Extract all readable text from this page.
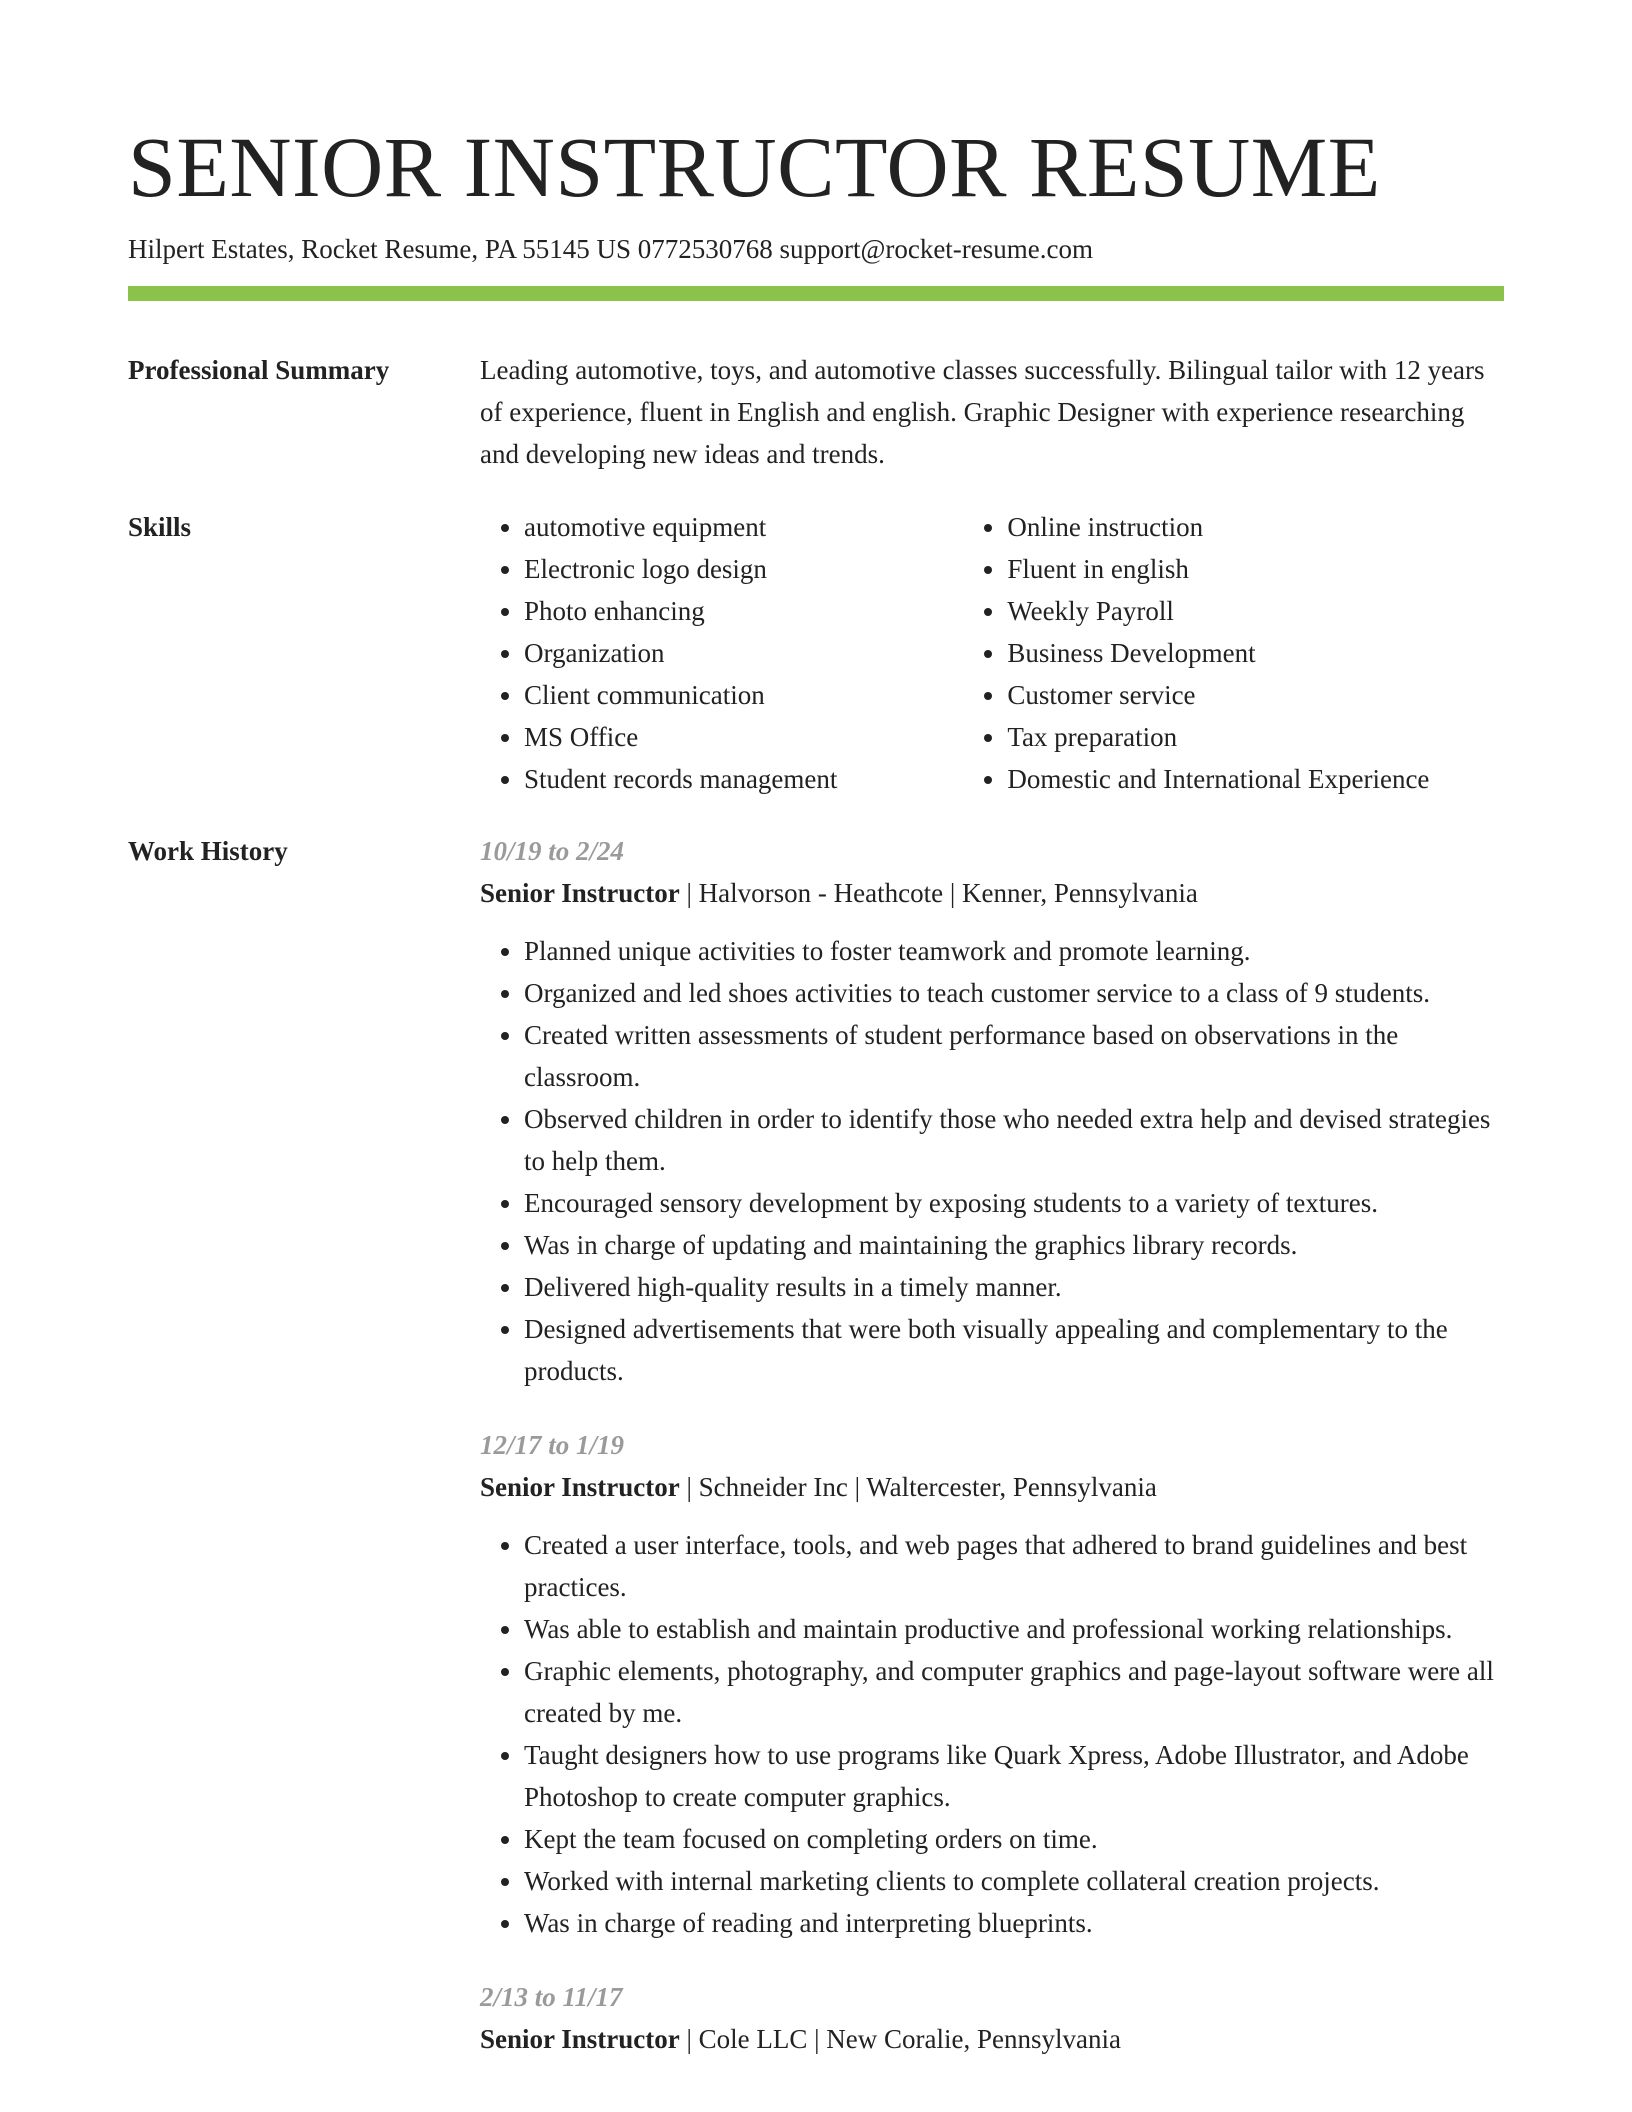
SENIOR INSTRUCTOR RESUME
Hilpert Estates, Rocket Resume, PA 55145 US 0772530768 support@rocket-resume.com
Professional Summary	Leading automotive, toys, and automotive classes successfully. Bilingual tailor with 12 years of experience, fluent in English and english. Graphic Designer with experience researching and developing new ideas and trends.

Skills
•	automotive equipment
• Electronic logo design
• Photo enhancing
• Organization
• Client communication
• MS Office
• Student records management
• Online instruction
• Fluent in english
• Weekly Payroll
• Business Development
• Customer service
• Tax preparation
• Domestic and International Experience
Work History	10/19 to 2/24
Senior Instructor | Halvorson - Heathcote | Kenner, Pennsylvania
• Planned unique activities to foster teamwork and promote learning.
• Organized and led shoes activities to teach customer service to a class of 9 students.
• Created written assessments of student performance based on observations in the classroom.
• Observed children in order to identify those who needed extra help and devised strategies to help them.
• Encouraged sensory development by exposing students to a variety of textures.
• Was in charge of updating and maintaining the graphics library records.
• Delivered high-quality results in a timely manner.
• Designed advertisements that were both visually appealing and complementary to the products.
12/17 to 1/19
Senior Instructor | Schneider Inc | Waltercester, Pennsylvania
• Created a user interface, tools, and web pages that adhered to brand guidelines and best practices.
• Was able to establish and maintain productive and professional working relationships.
• Graphic elements, photography, and computer graphics and page-layout software were all created by me.
• Taught designers how to use programs like Quark Xpress, Adobe Illustrator, and Adobe Photoshop to create computer graphics.
• Kept the team focused on completing orders on time.
• Worked with internal marketing clients to complete collateral creation projects.
• Was in charge of reading and interpreting blueprints.
2/13 to 11/17
Senior Instructor | Cole LLC | New Coralie, Pennsylvania
